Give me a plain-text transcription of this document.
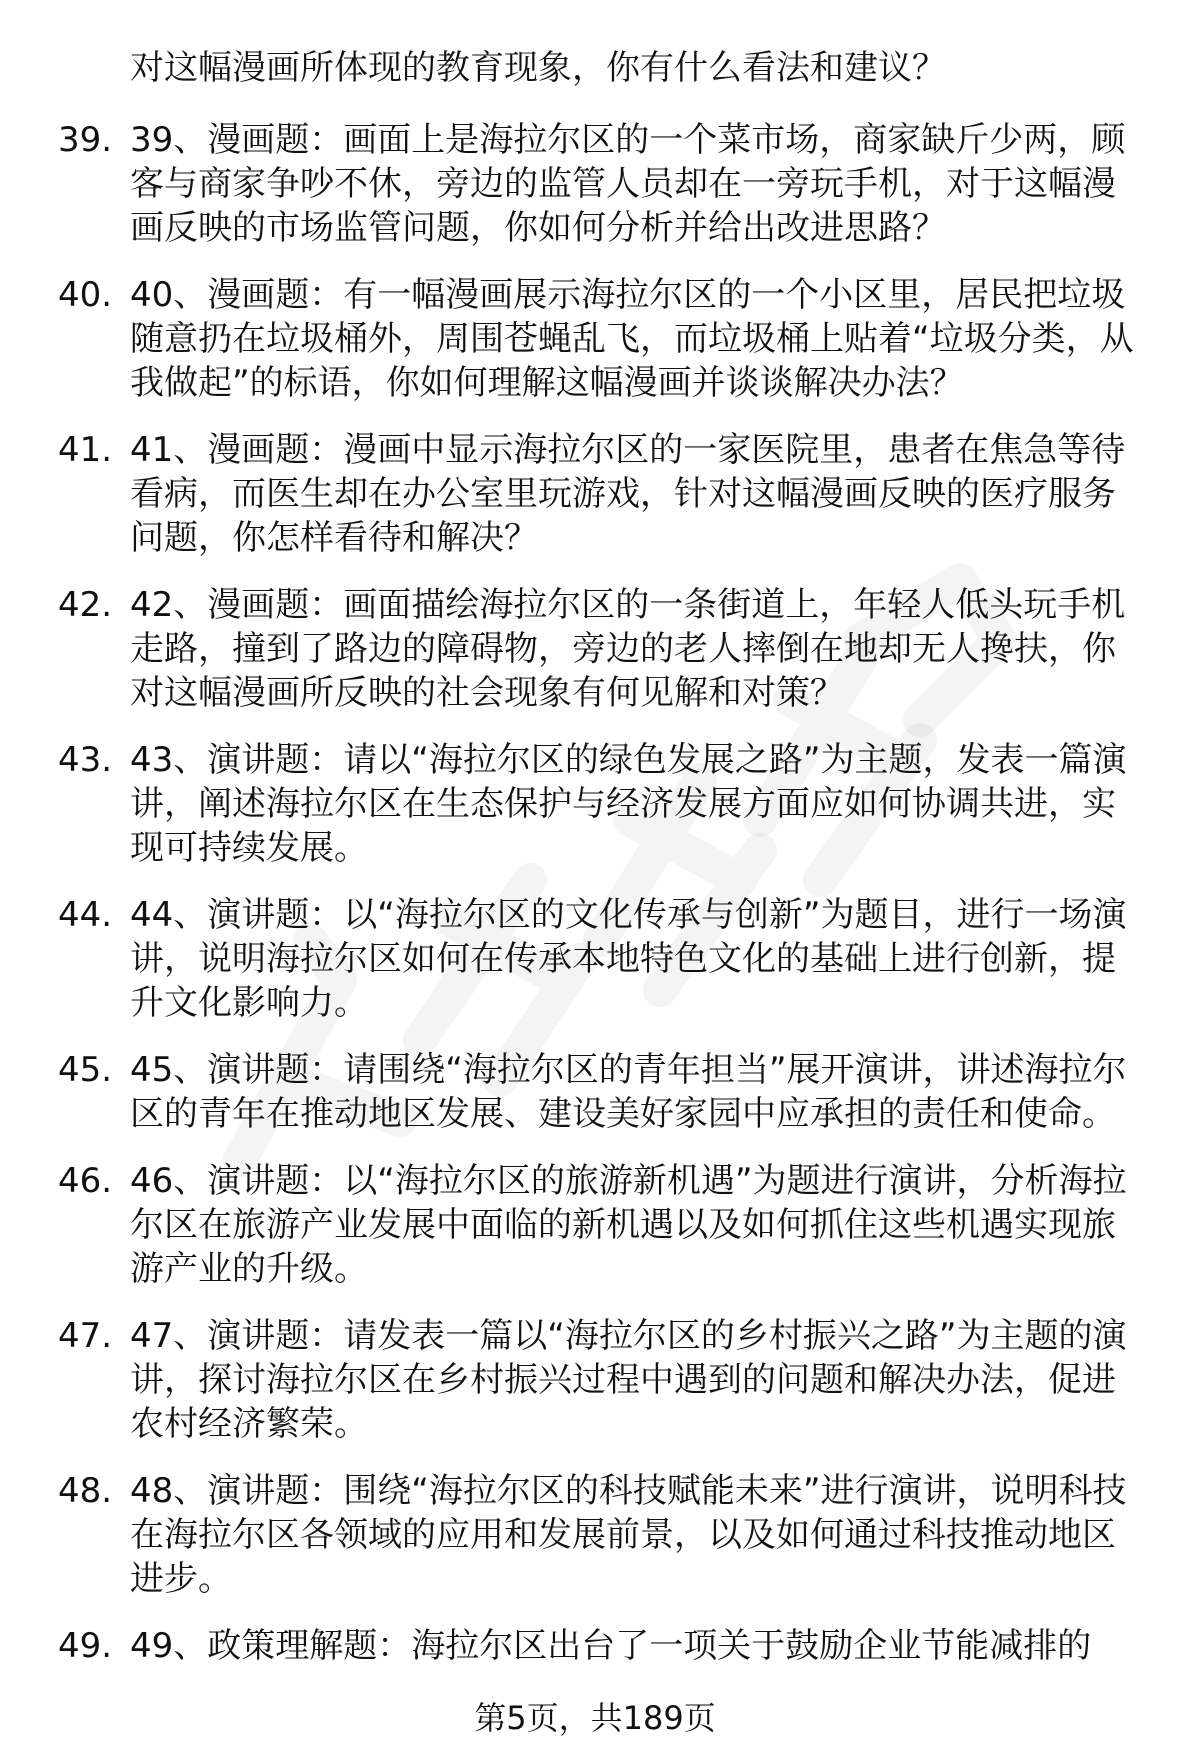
对这幅漫画所体现的教育现象，你有什么看法和建议？

39. 39、漫画题：画面上是海拉尔区的一个菜市场，商家缺斤少两，顾客与商家争吵不休，旁边的监管人员却在一旁玩手机，对于这幅漫画反映的市场监管问题，你如何分析并给出改进思路？
40. 40、漫画题：有一幅漫画展示海拉尔区的一个小区里，居民把垃圾随意扔在垃圾桶外，周围苍蝇乱飞，而垃圾桶上贴着“垃圾分类，从我做起”的标语，你如何理解这幅漫画并谈谈解决办法？
41. 41、漫画题：漫画中显示海拉尔区的一家医院里，患者在焦急等待看病，而医生却在办公室里玩游戏，针对这幅漫画反映的医疗服务问题，你怎样看待和解决？
42. 42、漫画题：画面描绘海拉尔区的一条街道上，年轻人低头玩手机走路，撞到了路边的障碍物，旁边的老人摔倒在地却无人搀扶，你对这幅漫画所反映的社会现象有何见解和对策？
43. 43、演讲题：请以“海拉尔区的绿色发展之路”为主题，发表一篇演讲，阐述海拉尔区在生态保护与经济发展方面应如何协调共进，实现可持续发展。
44. 44、演讲题：以“海拉尔区的文化传承与创新”为题目，进行一场演讲，说明海拉尔区如何在传承本地特色文化的基础上进行创新，提升文化影响力。
45. 45、演讲题：请围绕“海拉尔区的青年担当”展开演讲，讲述海拉尔区的青年在推动地区发展、建设美好家园中应承担的责任和使命。
46. 46、演讲题：以“海拉尔区的旅游新机遇”为题进行演讲，分析海拉尔区在旅游产业发展中面临的新机遇以及如何抓住这些机遇实现旅游产业的升级。
47. 47、演讲题：请发表一篇以“海拉尔区的乡村振兴之路”为主题的演讲，探讨海拉尔区在乡村振兴过程中遇到的问题和解决办法，促进农村经济繁荣。
48. 48、演讲题：围绕“海拉尔区的科技赋能未来”进行演讲，说明科技在海拉尔区各领域的应用和发展前景，以及如何通过科技推动地区进步。
49. 49、政策理解题：海拉尔区出台了一项关于鼓励企业节能减排的
第5页，共189页
